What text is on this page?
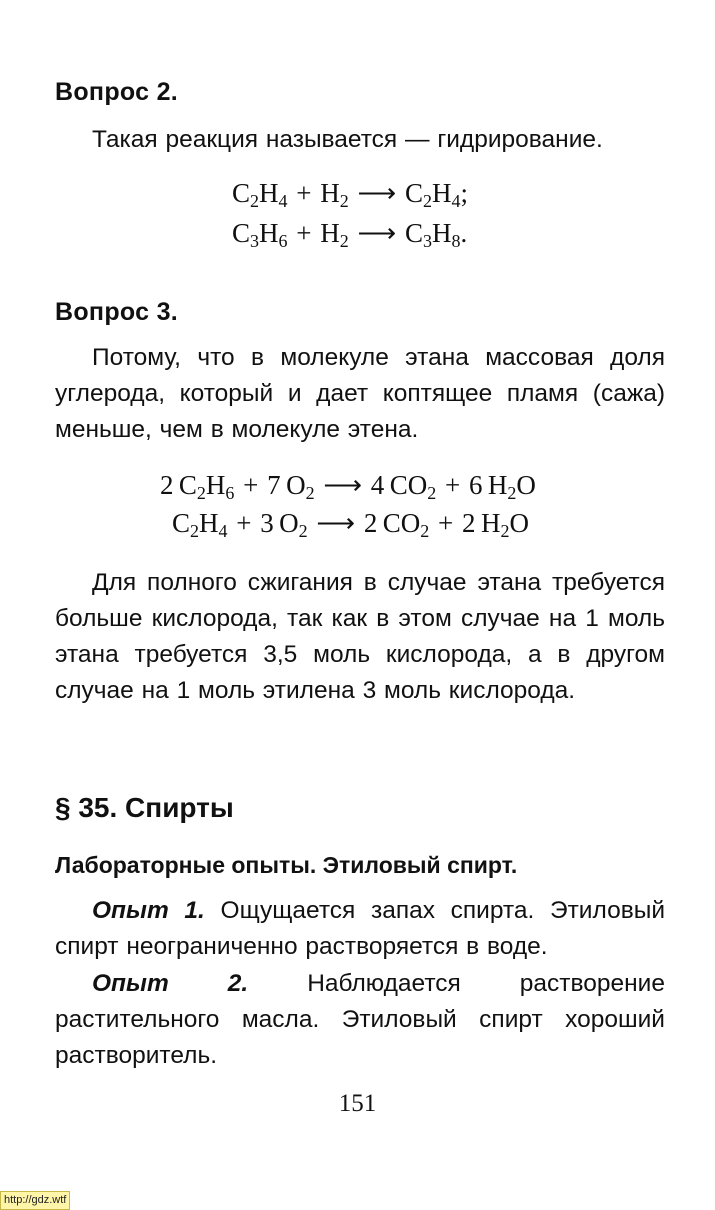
Вопрос 2.

Такая реакция называется — гидрирование.

$C_2H_4 + H_2$ ⟶ $C_2H_4$;
$C_3H_6 + H_2$ ⟶ $C_3H_8$.
Вопрос 3.

Потому, что в молекуле этана массовая доля углерода, который и дает коптящее пламя (сажа) меньше, чем в молекуле этена.

2  $C_2H_6 + 7$  $O_2$ ⟶ 4  $CO_2 + 6$  $H_2O$
$C_2H_4 + 3$  $O_2$ ⟶ 2  $CO_2 + 2$  $H_2O$

Для полного сжигания в случае этана требуется больше кислорода, так как в этом случае на 1 моль этана требуется 3,5 моль кислорода, а в другом случае на 1 моль этилена 3 моль кислорода.

§ 35. Спирты
Лабораторные опыты. Этиловый спирт.

Опыт 1. Ощущается запах спирта. Этиловый спирт неограниченно растворяется в воде.

Опыт 2. Наблюдается растворение растительного масла. Этиловый спирт хороший растворитель.

151
http://gdz.wtf
